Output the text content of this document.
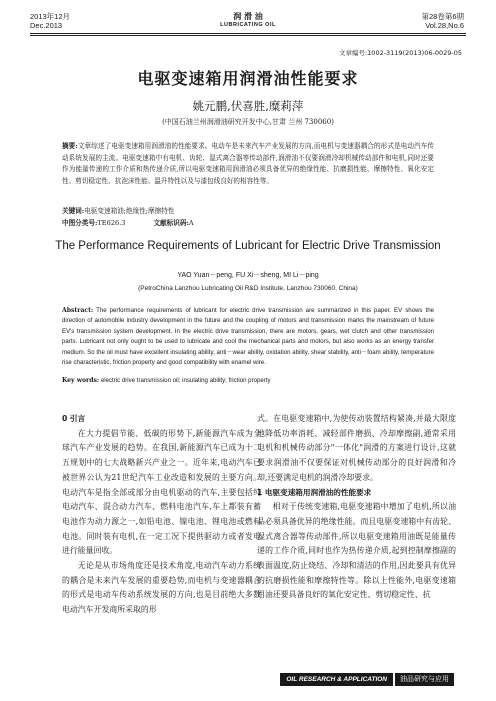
2013年12月
Dec.2013
润 滑 油
LUBRICATING OIL
第28卷第6期
Vol.28,No.6
文章编号:1002-3119(2013)06-0029-05
电驱变速箱用润滑油性能要求
姚元鹏,伏喜胜,糜莉萍
(中国石油兰州润滑油研究开发中心,甘肃 兰州 730060)
摘要:文章综述了电驱变速箱用润滑油的性能要求。电动车是未来汽车产业发展的方向,而电机与变速器耦合的形式是电动汽车传动系统发展的主流。电驱变速箱中有电机、齿轮、湿式离合器等传动部件,润滑油不仅要润滑冷却机械传动部件和电机,同时还要作为能量传递的工作介质和热传递介质,所以电驱变速箱用润滑油必须具备优异的绝缘性能、抗磨损性能、摩擦特性、氧化安定性、剪切稳定性、抗泡沫性能、温升特性以及与漆包线良好的相容性等。
关键词:电驱变速箱油;绝缘性;摩擦特性
中图分类号:TE626.3	文献标识码:A
The Performance Requirements of Lubricant for Electric Drive Transmission
YAO Yuan－peng, FU Xi－sheng, MI Li－ping
(PetroChina Lanzhou Lubricating Oil R&D Institute, Lanzhou 730060, China)
Abstract: The performance requirements of lubricant for electric drive transmission are summarized in this paper. EV shows the direction of automobile industry development in the future and the coupling of motors and transmission marks the mainstream of future EV's transmission system development. In the electric drive transmission, there are motors, gears, wet clutch and other transmission parts. Lubricant not only ought to be used to lubricate and cool the mechanical parts and motors, but also works as an energy transfer medium. So the oil must have excellent insulating ability, anti－wear ability, oxidation ability, shear stability, anti－foam ability, temperature rise characteristic, friction property and good compatibility with enamel wire.
Key words: electric drive transmission oil; insulating ability; friction property
0 引言

在大力提倡节能、低碳的形势下,新能源汽车成为全球汽车产业发展的趋势。在我国,新能源汽车已成为十二五规划中的七大战略新兴产业之一。近年来,电动汽车已被世界公认为21世纪汽车工业改造和发展的主要方向。电动汽车是指全部或部分由电机驱动的汽车,主要包括纯电动汽车、混合动力汽车、燃料电池汽车,车上都装有蓄电池作为动力源之一,如铅电池、镍电池、锂电池或燃料电池。同时装有电机,在一定工况下提供驱动力或者发电进行能量回收。

无论是从市场角度还是技术角度,电动汽车动力系统的耦合是未来汽车发展的重要趋势,而电机与变速器耦合的形式是电动车传动系统发展的方向,也是目前绝大多数电动汽车开发商所采取的形

式。在电驱变速箱中,为使传动装置结构紧凑,并最大限度地降低功率消耗、减轻部件磨损、冷却摩擦副,通常采用电机和机械传动部分"一体化"润滑的方案进行设计,这就要求润滑油不仅要保证对机械传动部分的良好润滑和冷却,还要满足电机的润滑冷却要求。

1 电驱变速箱用润滑油的性能要求

相对于传统变速箱,电驱变速箱中增加了电机,所以油品必须具备优异的绝缘性能。而且电驱变速箱中有齿轮、湿式离合器等传动部件,所以电驱变速箱用油既是能量传递的工作介质,同时也作为热传递介质,起到控制摩擦副的表面温度,防止烧结、冷却和清洁的作用,因此要具有优异的抗磨损性能和摩擦特性等。除以上性能外,电驱变速箱用油还要具备良好的氧化安定性、剪切稳定性、抗

OIL RESEARCH & APPLICATION	油品研究与应用
